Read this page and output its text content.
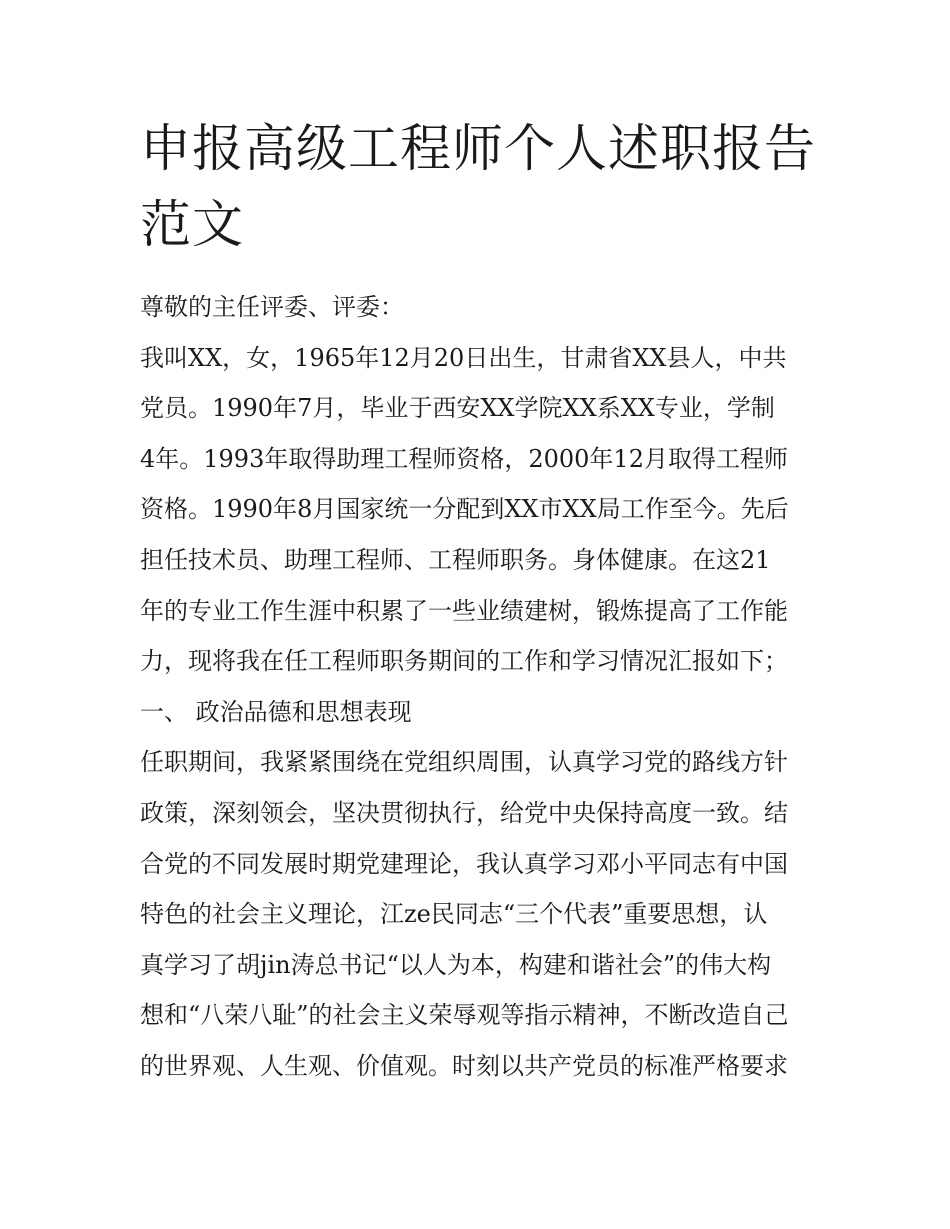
申报高级工程师个人述职报告
范文
尊敬的主任评委、评委：
我叫XX，女，1965年12月20日出生，甘肃省XX县人，中共
党员。1990年7月，毕业于西安XX学院XX系XX专业，学制
4年。1993年取得助理工程师资格，2000年12月取得工程师
资格。1990年8月国家统一分配到XX市XX局工作至今。先后
担任技术员、助理工程师、工程师职务。身体健康。在这21
年的专业工作生涯中积累了一些业绩建树，锻炼提高了工作能
力，现将我在任工程师职务期间的工作和学习情况汇报如下；
一、 政治品德和思想表现
任职期间，我紧紧围绕在党组织周围，认真学习党的路线方针
政策，深刻领会，坚决贯彻执行，给党中央保持高度一致。结
合党的不同发展时期党建理论，我认真学习邓小平同志有中国
特色的社会主义理论，江ze民同志“三个代表”重要思想，认
真学习了胡jin涛总书记“以人为本，构建和谐社会”的伟大构
想和“八荣八耻”的社会主义荣辱观等指示精神，不断改造自己
的世界观、人生观、价值观。时刻以共产党员的标准严格要求
